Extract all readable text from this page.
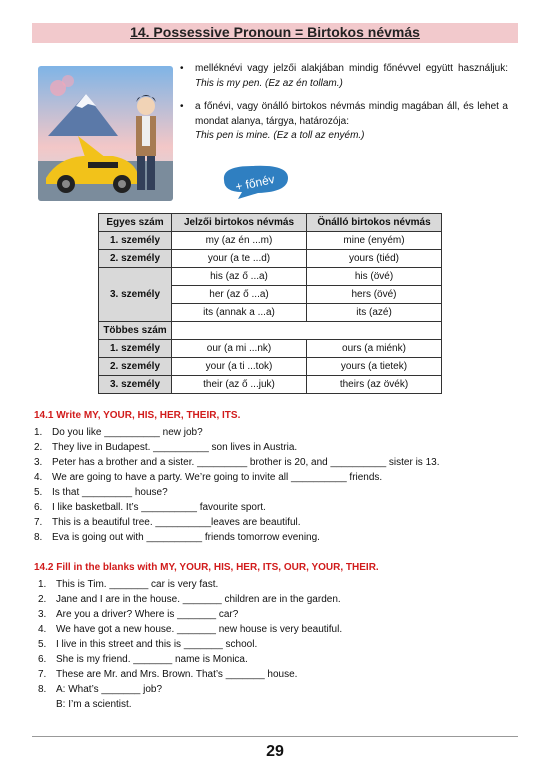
14. Possessive Pronoun = Birtokos névmás
• melléknévi vagy jelzői alakjában mindig főnévvel együtt használjuk: This is my pen. (Ez az én tollam.)
• a főnévi, vagy önálló birtokos névmás mindig magában áll, és lehet a mondat alanya, tárgya, határozója:
This pen is mine. (Ez a toll az enyém.)
+ főnév
Egyes szám	Jelzői birtokos névmás	Önálló birtokos névmás
1. személy	my (az én ...m)	mine (enyém)
2. személy	your (a te ...d)	yours (tiéd)
3. személy	his (az ő ...a)	his (övé)
	her (az ő ...a)	hers (övé)
	its (annak a ...a)	its (azé)
Többes szám		
1. személy	our (a mi ...nk)	ours (a miénk)
2. személy	your (a ti ...tok)	yours (a tietek)
3. személy	their (az ő ...juk)	theirs (az övék)
14.1 Write MY, YOUR, HIS, HER, THEIR, ITS.
1. Do you like __________ new job?
2. They live in Budapest. __________ son lives in Austria.
3. Peter has a brother and a sister. _________ brother is 20, and __________ sister is 13.
4. We are going to have a party. We’re going to invite all __________ friends.
5. Is that _________ house?
6. I like basketball. It’s __________ favourite sport.
7. This is a beautiful tree. __________leaves are beautiful.
8. Eva is going out with __________ friends tomorrow evening.
14.2 Fill in the blanks with MY, YOUR, HIS, HER, ITS, OUR, YOUR, THEIR.
1. This is Tim. _______ car is very fast.
2. Jane and I are in the house. _______ children are in the garden.
3. Are you a driver? Where is _______ car?
4. We have got a new house. _______ new house is very beautiful.
5. I live in this street and this is _______ school.
6. She is my friend. _______ name is Monica.
7. These are Mr. and Mrs. Brown. That’s _______ house.
8. A: What’s _______ job?
B: I’m a scientist.
29
